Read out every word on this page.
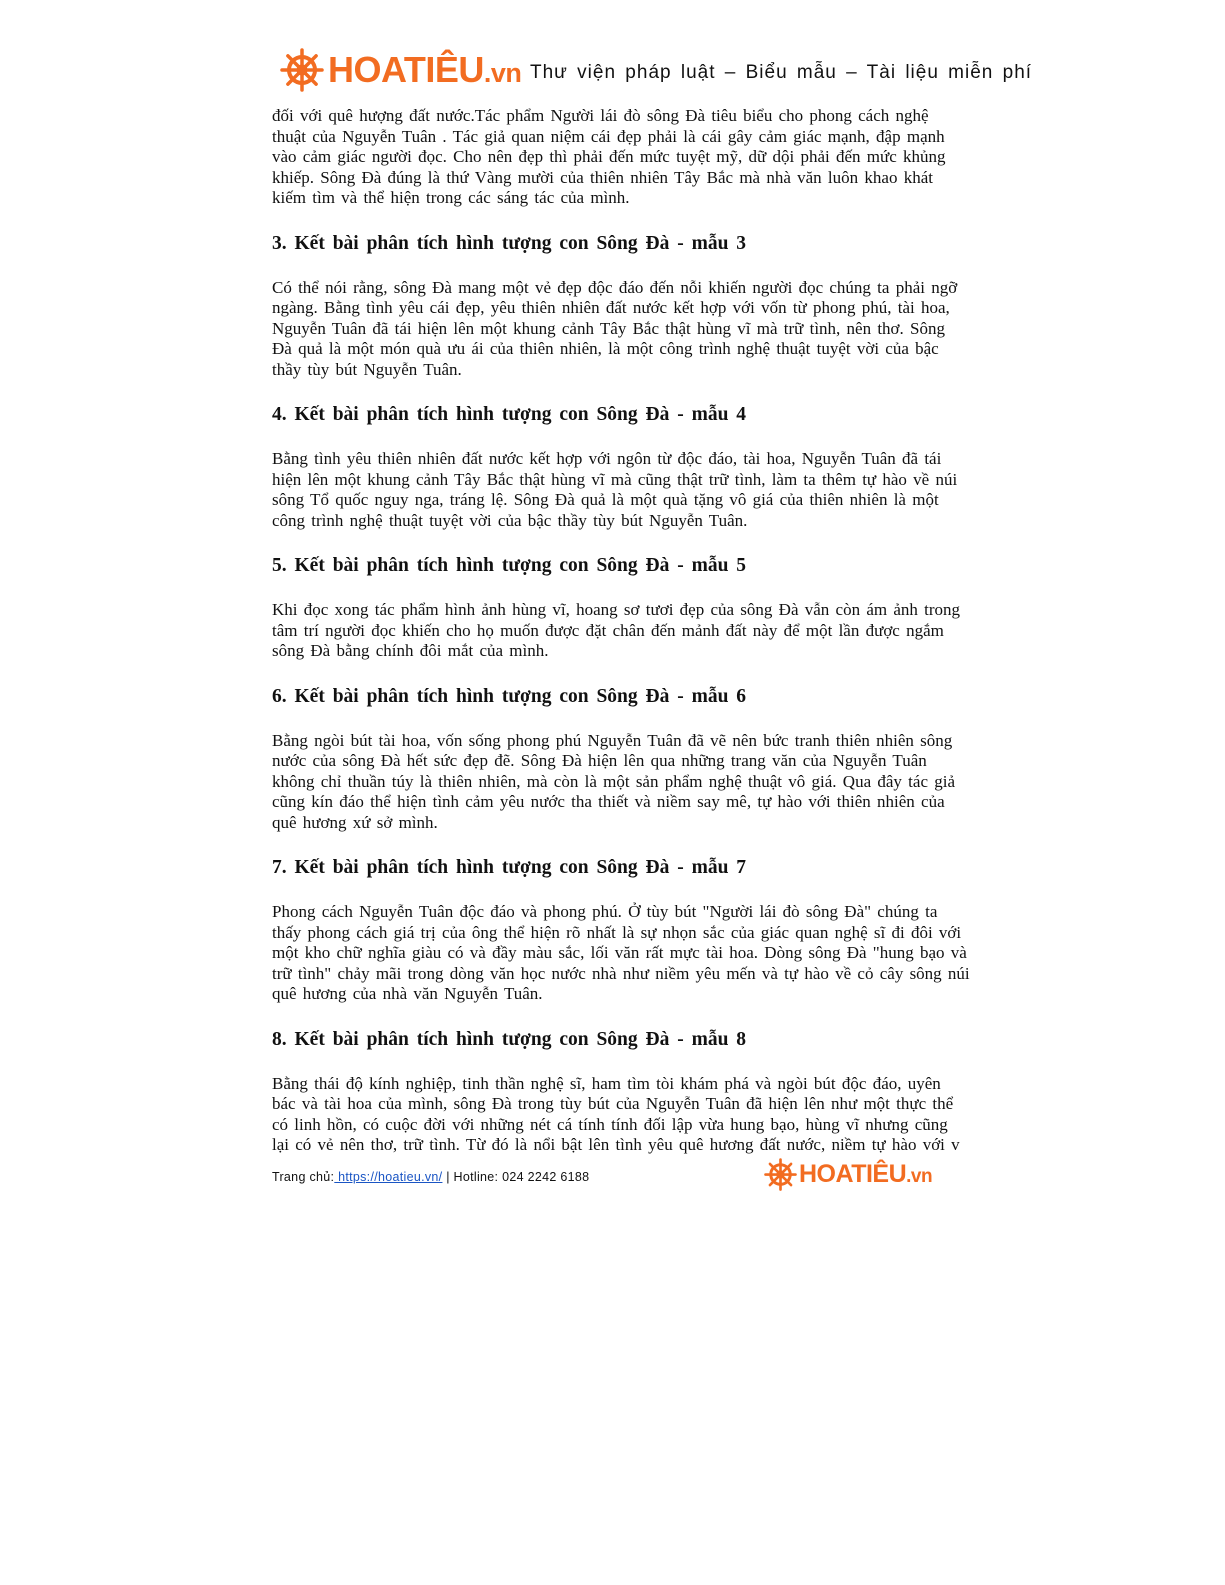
HOATIÊU.vn Thư viện pháp luật – Biểu mẫu – Tài liệu miễn phí

đối với quê hượng đất nước.Tác phẩm Người lái đò sông Đà tiêu biểu cho phong cách nghệ
thuật của Nguyễn Tuân . Tác giả quan niệm cái đẹp phải là cái gây cảm giác mạnh, đập mạnh
vào cảm giác người đọc. Cho nên đẹp thì phải đến mức tuyệt mỹ, dữ dội phải đến mức khủng
khiếp. Sông Đà đúng là thứ Vàng mười của thiên nhiên Tây Bắc mà nhà văn luôn khao khát
kiếm tìm và thể hiện trong các sáng tác của mình.

3. Kết bài phân tích hình tượng con Sông Đà - mẫu 3

Có thể nói rằng, sông Đà mang một vẻ đẹp độc đáo đến nỗi khiến người đọc chúng ta phải ngỡ
ngàng. Bằng tình yêu cái đẹp, yêu thiên nhiên đất nước kết hợp với vốn từ phong phú, tài hoa,
Nguyễn Tuân đã tái hiện lên một khung cảnh Tây Bắc thật hùng vĩ mà trữ tình, nên thơ. Sông
Đà quả là một món quà ưu ái của thiên nhiên, là một công trình nghệ thuật tuyệt vời của bậc
thầy tùy bút Nguyễn Tuân.

4. Kết bài phân tích hình tượng con Sông Đà - mẫu 4

Bằng tình yêu thiên nhiên đất nước kết hợp với ngôn từ độc đáo, tài hoa, Nguyễn Tuân đã tái
hiện lên một khung cảnh Tây Bắc thật hùng vĩ mà cũng thật trữ tình, làm ta thêm tự hào về núi
sông Tổ quốc nguy nga, tráng lệ. Sông Đà quả là một quà tặng vô giá của thiên nhiên là một
công trình nghệ thuật tuyệt vời của bậc thầy tùy bút Nguyễn Tuân.

5. Kết bài phân tích hình tượng con Sông Đà - mẫu 5

Khi đọc xong tác phẩm hình ảnh hùng vĩ, hoang sơ tươi đẹp của sông Đà vẫn còn ám ảnh trong
tâm trí người đọc khiến cho họ muốn được đặt chân đến mảnh đất này để một lần được ngắm
sông Đà bằng chính đôi mắt của mình.

6. Kết bài phân tích hình tượng con Sông Đà - mẫu 6

Bằng ngòi bút tài hoa, vốn sống phong phú Nguyễn Tuân đã vẽ nên bức tranh thiên nhiên sông
nước của sông Đà hết sức đẹp đẽ. Sông Đà hiện lên qua những trang văn của Nguyễn Tuân
không chỉ thuần túy là thiên nhiên, mà còn là một sản phẩm nghệ thuật vô giá. Qua đây tác giả
cũng kín đáo thể hiện tình cảm yêu nước tha thiết và niềm say mê, tự hào với thiên nhiên của
quê hương xứ sở mình.

7. Kết bài phân tích hình tượng con Sông Đà - mẫu 7

Phong cách Nguyễn Tuân độc đáo và phong phú. Ở tùy bút "Người lái đò sông Đà" chúng ta
thấy phong cách giá trị của ông thể hiện rõ nhất là sự nhọn sắc của giác quan nghệ sĩ đi đôi với
một kho chữ nghĩa giàu có và đầy màu sắc, lối văn rất mực tài hoa. Dòng sông Đà "hung bạo và
trữ tình" chảy mãi trong dòng văn học nước nhà như niềm yêu mến và tự hào về cỏ cây sông núi
quê hương của nhà văn Nguyễn Tuân.

8. Kết bài phân tích hình tượng con Sông Đà - mẫu 8

Bằng thái độ kính nghiệp, tinh thần nghệ sĩ, ham tìm tòi khám phá và ngòi bút độc đáo, uyên
bác và tài hoa của mình, sông Đà trong tùy bút của Nguyễn Tuân đã hiện lên như một thực thể
có linh hồn, có cuộc đời với những nét cá tính tính đối lập vừa hung bạo, hùng vĩ nhưng cũng
lại có vẻ nên thơ, trữ tình. Từ đó là nổi bật lên tình yêu quê hương đất nước, niềm tự hào với v

Trang chủ: https://hoatieu.vn/ | Hotline: 024 2242 6188	HOATIÊU.vn
